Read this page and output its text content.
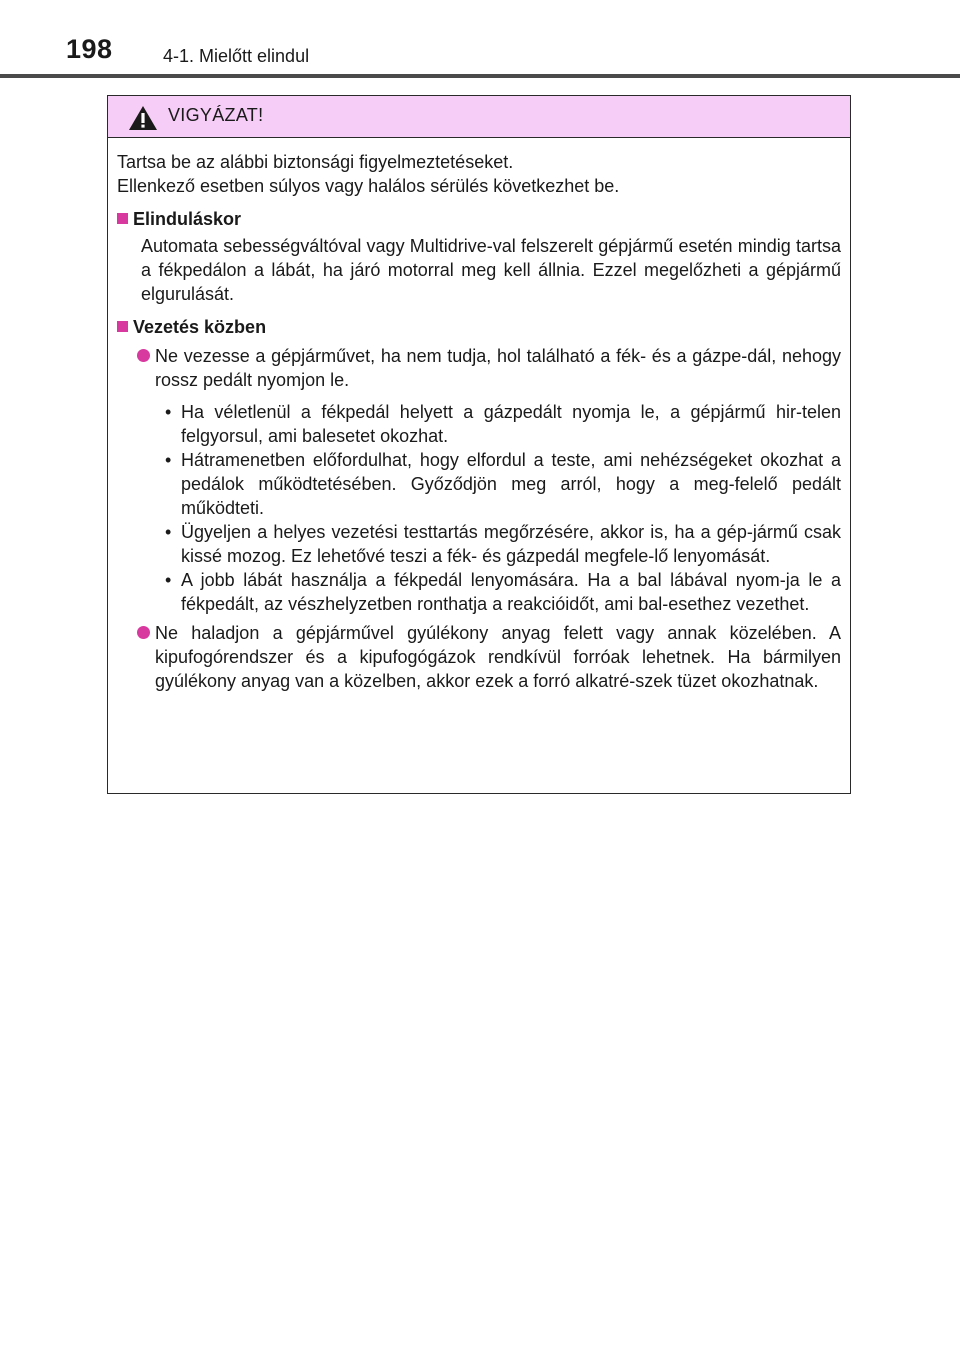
198	4-1. Mielőtt elindul
VIGYÁZAT!
Tartsa be az alábbi biztonsági figyelmeztetéseket.
Ellenkező esetben súlyos vagy halálos sérülés következhet be.
Elinduláskor
Automata sebességváltóval vagy Multidrive-val felszerelt gépjármű esetén mindig tartsa a fékpedálon a lábát, ha járó motorral meg kell állnia. Ezzel megelőzheti a gépjármű elgurulását.
Vezetés közben
Ne vezesse a gépjárművet, ha nem tudja, hol található a fék- és a gázpe-dál, nehogy rossz pedált nyomjon le.
• Ha véletlenül a fékpedál helyett a gázpedált nyomja le, a gépjármű hir-telen felgyorsul, ami balesetet okozhat.
• Hátramenetben előfordulhat, hogy elfordul a teste, ami nehézségeket okozhat a pedálok működtetésében. Győződjön meg arról, hogy a meg-felelő pedált működteti.
• Ügyeljen a helyes vezetési testtartás megőrzésére, akkor is, ha a gép-jármű csak kissé mozog. Ez lehetővé teszi a fék- és gázpedál megfele-lő lenyomását.
• A jobb lábát használja a fékpedál lenyomására. Ha a bal lábával nyom-ja le a fékpedált, az vészhelyzetben ronthatja a reakcióidőt, ami bal-esethez vezethet.
Ne haladjon a gépjárművel gyúlékony anyag felett vagy annak közelében. A kipufogórendszer és a kipufogógázok rendkívül forróak lehetnek. Ha bármilyen gyúlékony anyag van a közelben, akkor ezek a forró alkatré-szek tüzet okozhatnak.
